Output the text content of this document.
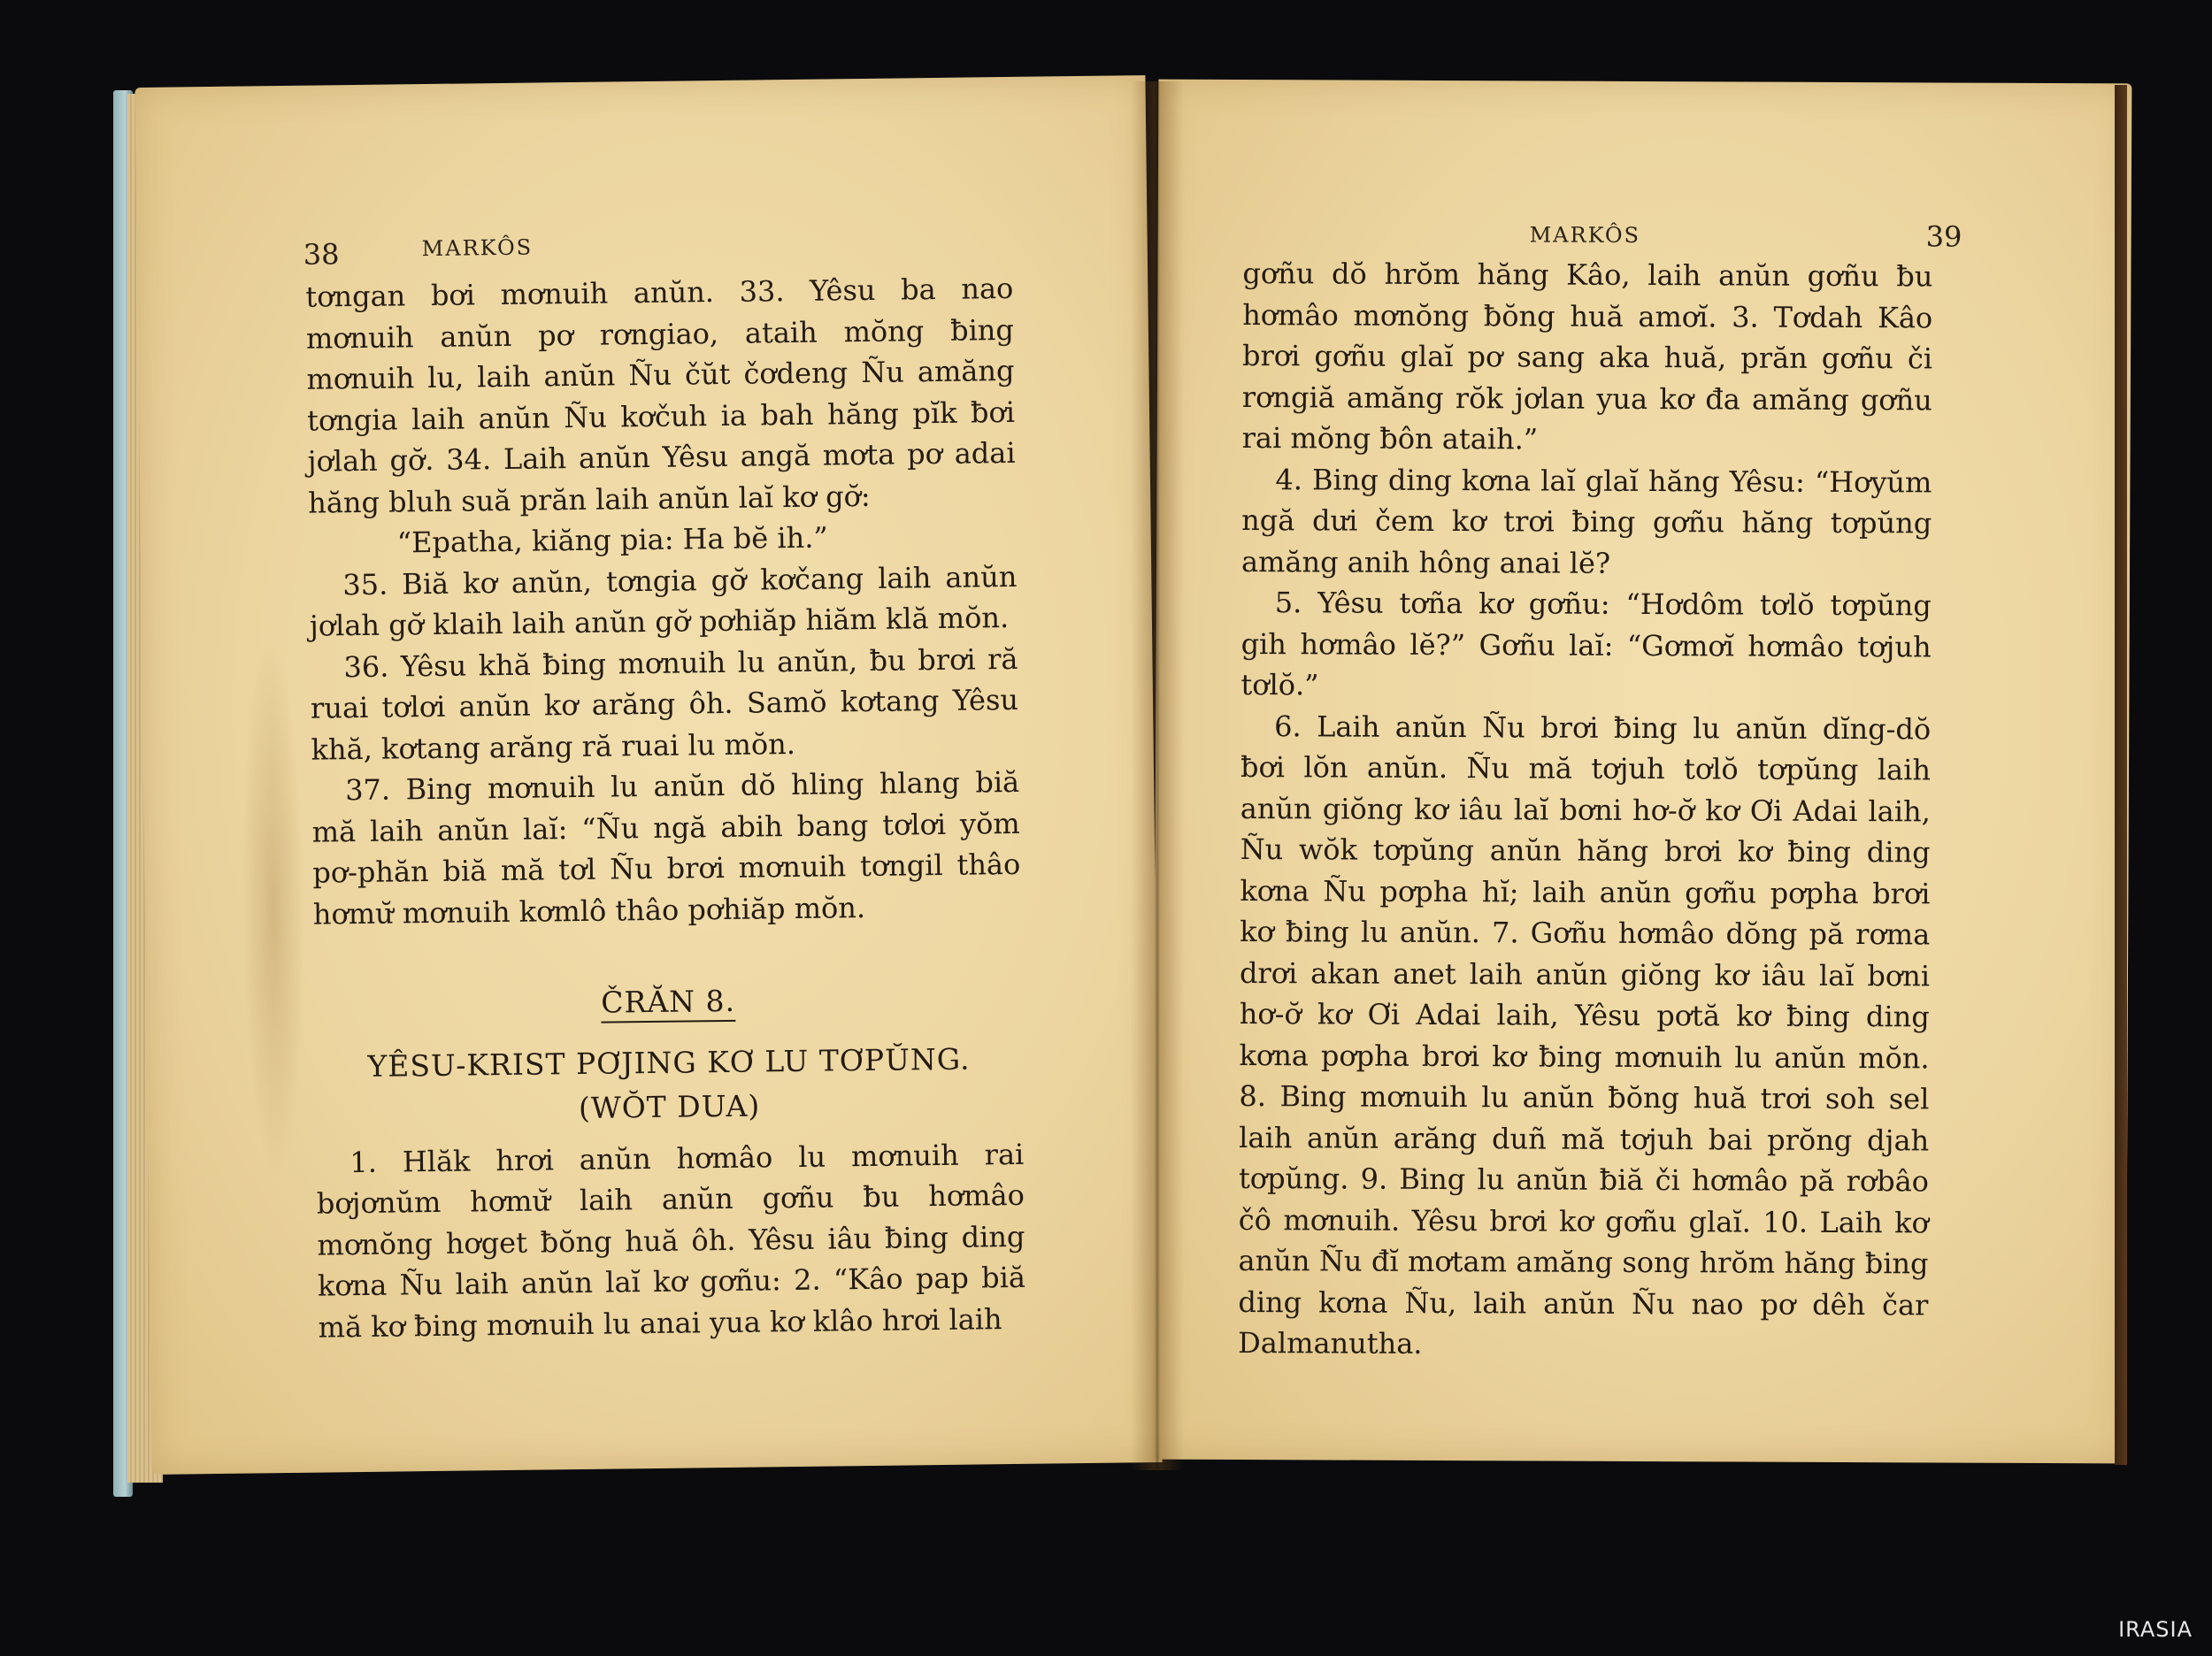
38	MARKÔS

tơngan bơi mơnuih anŭn. 33. Yêsu ba nao mơnuih anŭn pơ rơngiao, ataih mŏng ƀing mơnuih lu, laih anŭn Ñu čŭt čơdeng Ñu amăng tơngia laih anŭn Ñu kơčuh ia bah hăng pĭk ƀơi jơlah gơ̆. 34. Laih anŭn Yêsu angă mơta pơ adai hăng bluh suă prăn laih anŭn laĭ kơ gơ̆:

“Epatha, kiăng pia: Ha bĕ ih.”

35. Biă kơ anŭn, tơngia gơ̆ kơčang laih anŭn jơlah gơ̆ klaih laih anŭn gơ̆ pơhiăp hiăm klă mŏn.

36. Yêsu khă ƀing mơnuih lu anŭn, ƀu brơi ră ruai tơlơi anŭn kơ arăng ôh. Samŏ kơtang Yêsu khă, kơtang arăng ră ruai lu mŏn.

37. Bing mơnuih lu anŭn dŏ hling hlang biă mă laih anŭn laĭ: “Ñu ngă abih bang tơlơi yŏm pơ-phăn biă mă tơl Ñu brơi mơnuih tơngil thâo hơmư̆ mơnuih kơmlô thâo pơhiăp mŏn.

ČRĂN 8.
YÊSU-KRIST PƠJING KƠ LU TƠPŬNG.
(WŎT DUA)

1. Hlăk hrơi anŭn hơmâo lu mơnuih rai bơjơnŭm hơmư̆ laih anŭn gơñu ƀu hơmâo mơnŏng hơget ƀŏng huă ôh. Yêsu iâu ƀing ding kơna Ñu laih anŭn laĭ kơ gơñu: 2. “Kâo pap biă mă kơ ƀing mơnuih lu anai yua kơ klâo hrơi laih

MARKÔS	39

gơñu dŏ hrŏm hăng Kâo, laih anŭn gơñu ƀu hơmâo mơnŏng ƀŏng huă amơĭ. 3. Tơdah Kâo brơi gơñu glaĭ pơ sang aka huă, prăn gơñu či rơngiă amăng rŏk jơlan yua kơ đa amăng gơñu rai mŏng ƀôn ataih.”

4. Bing ding kơna laĭ glaĭ hăng Yêsu: “Hơyŭm ngă dưi čem kơ trơi ƀing gơñu hăng tơpŭng amăng anih hông anai lĕ?

5. Yêsu tơña kơ gơñu: “Hơdôm tơlŏ tơpŭng gih hơmâo lĕ?” Gơñu laĭ: “Gơmơĭ hơmâo tơjuh tơlŏ.”

6. Laih anŭn Ñu brơi ƀing lu anŭn dĭng-dŏ ƀơi lŏn anŭn. Ñu mă tơjuh tơlŏ tơpŭng laih anŭn giŏng kơ iâu laĭ bơni hơ-ơ̆ kơ Ơi Adai laih, Ñu wŏk tơpŭng anŭn hăng brơi kơ ƀing ding kơna Ñu pơpha hĭ; laih anŭn gơñu pơpha brơi kơ ƀing lu anŭn. 7. Gơñu hơmâo dŏng pă rơma drơi akan anet laih anŭn giŏng kơ iâu laĭ bơni hơ-ơ̆ kơ Ơi Adai laih, Yêsu pơtă kơ ƀing ding kơna pơpha brơi kơ ƀing mơnuih lu anŭn mŏn. 8. Bing mơnuih lu anŭn ƀŏng huă trơi soh sel laih anŭn arăng duñ mă tơjuh bai prŏng djah tơpŭng. 9. Bing lu anŭn ƀiă či hơmâo pă rơbâo čô mơnuih. Yêsu brơi kơ gơñu glaĭ. 10. Laih kơ anŭn Ñu đĭ mơtam amăng song hrŏm hăng ƀing ding kơna Ñu, laih anŭn Ñu nao pơ dêh čar Dalmanutha.

IRASIA
